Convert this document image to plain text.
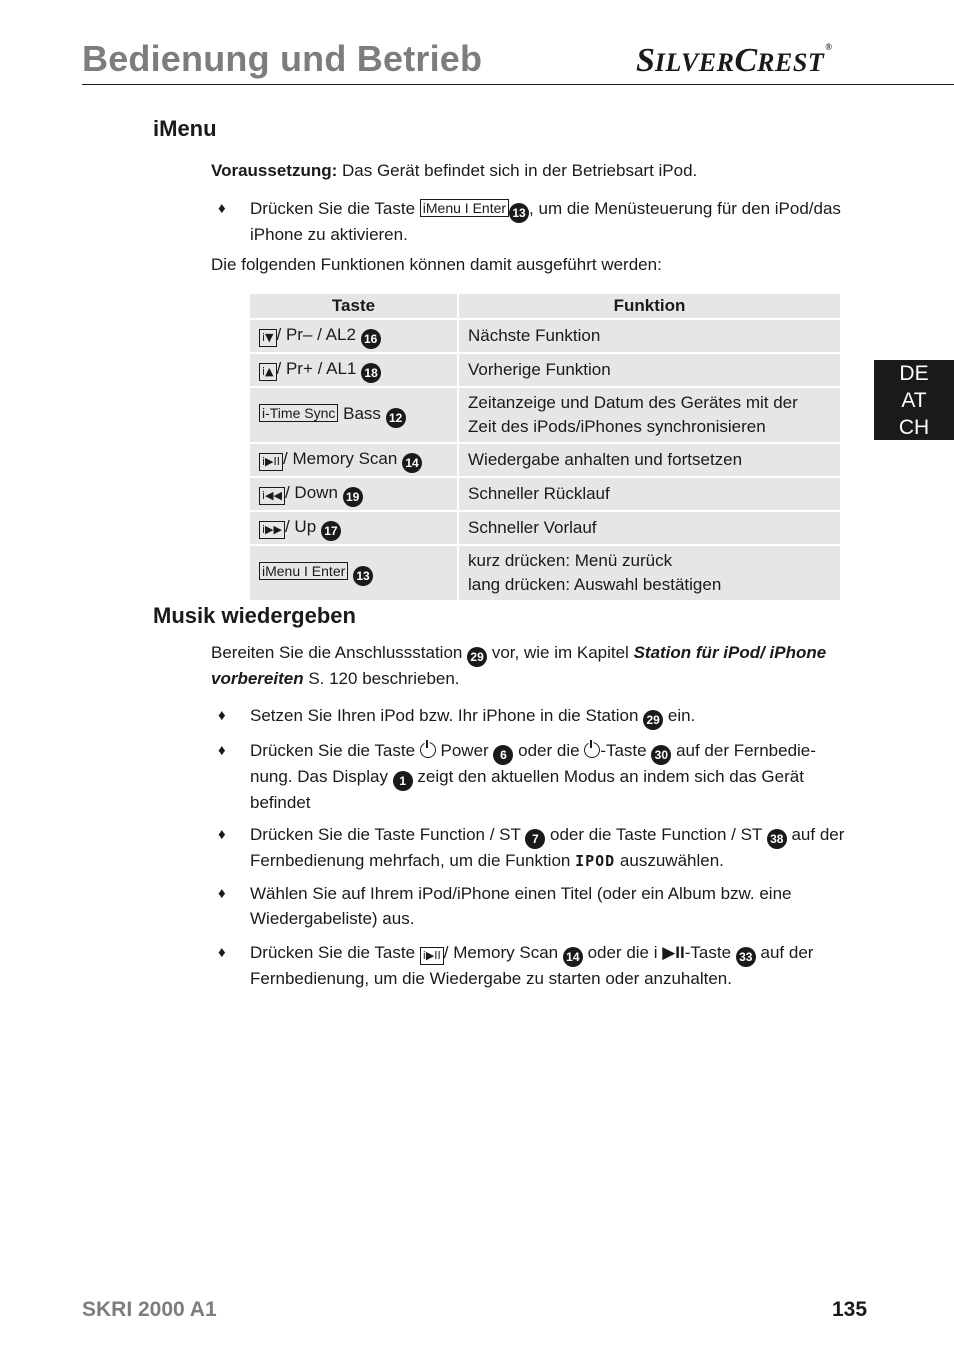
Bedienung und Betrieb	SILVERCREST®
DE
AT
CH
iMenu
Voraussetzung: Das Gerät befindet sich in der Betriebsart iPod.
♦ Drücken Sie die Taste iMenu I Enter 13 , um die Menüsteuerung für den iPod/das iPhone zu aktivieren.
Die folgenden Funktionen können damit ausgeführt werden:
Taste	Funktion
i▼ / Pr– / AL2 16	Nächste Funktion
i▲ / Pr+ / AL1 18	Vorherige Funktion
i-Time Sync Bass 12	Zeitanzeige und Datum des Gerätes mit der
Zeit des iPods/iPhones synchronisieren

i▶II / Memory Scan 14	Wiedergabe anhalten und fortsetzen
i◀◀ / Down 19	Schneller Rücklauf
i▶▶ / Up 17	Schneller Vorlauf
iMenu I Enter 13	kurz drücken: Menü zurück
lang drücken: Auswahl bestätigen
Musik wiedergeben
Bereiten Sie die Anschlussstation 29 vor, wie im Kapitel Station für iPod/ iPhone vorbereiten S. 120 beschrieben.
♦ Setzen Sie Ihren iPod bzw. Ihr iPhone in die Station 29 ein.
♦ Drücken Sie die Taste  Power 6 oder die -Taste 30 auf der Fernbedienung. Das Display 1 zeigt den aktuellen Modus an indem sich das Gerät befindet
♦ Drücken Sie die Taste Function / ST 7 oder die Taste Function / ST 38 auf der Fernbedienung mehrfach, um die Funktion IPOD auszuwählen.
♦ Wählen Sie auf Ihrem iPod/iPhone einen Titel (oder ein Album bzw. eine Wiedergabeliste) aus.
♦ Drücken Sie die Taste i▶II / Memory Scan 14 oder die i ▶II-Taste 33 auf der Fernbedienung, um die Wiedergabe zu starten oder anzuhalten.
SKRI 2000 A1	135
